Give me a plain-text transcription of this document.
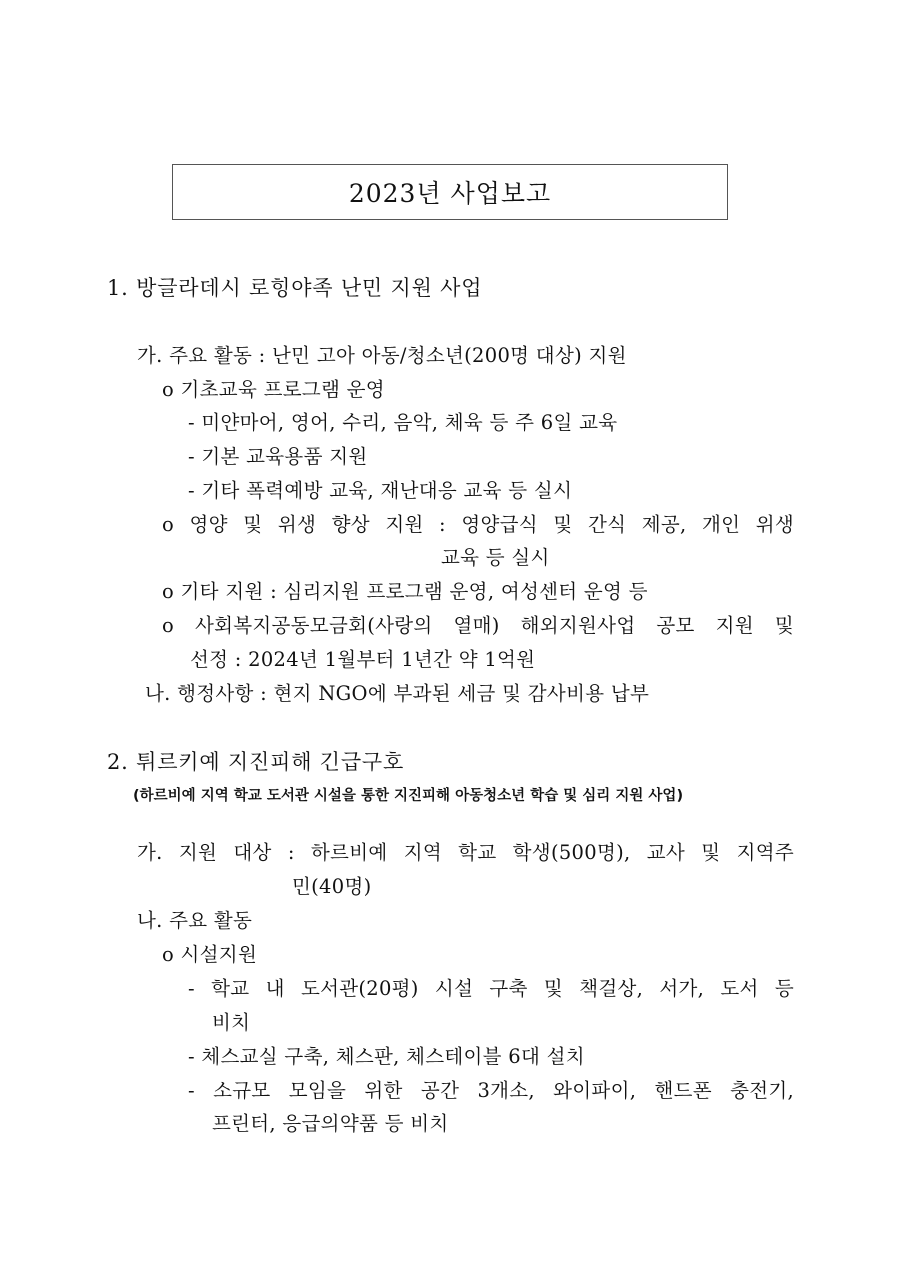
2023년 사업보고
1. 방글라데시 로힝야족 난민 지원 사업
가. 주요 활동 : 난민 고아 아동/청소년(200명 대상) 지원
o 기초교육 프로그램 운영
- 미얀마어, 영어, 수리, 음악, 체육 등 주 6일 교육
- 기본 교육용품 지원
- 기타 폭력예방 교육, 재난대응 교육 등 실시
o 영양 및 위생 향상 지원 : 영양급식 및 간식 제공, 개인 위생
교육 등 실시
o 기타 지원 : 심리지원 프로그램 운영, 여성센터 운영 등
o 사회복지공동모금회(사랑의 열매) 해외지원사업 공모 지원 및
선정 : 2024년 1월부터 1년간 약 1억원
나. 행정사항 : 현지 NGO에 부과된 세금 및 감사비용 납부
2. 튀르키예 지진피해 긴급구호
(하르비예 지역 학교 도서관 시설을 통한 지진피해 아동청소년 학습 및 심리 지원 사업)
가. 지원 대상 : 하르비예 지역 학교 학생(500명), 교사 및 지역주
민(40명)
나. 주요 활동
o 시설지원
- 학교 내 도서관(20평) 시설 구축 및 책걸상, 서가, 도서 등
비치
- 체스교실 구축, 체스판, 체스테이블 6대 설치
- 소규모 모임을 위한 공간 3개소, 와이파이, 핸드폰 충전기,
프린터, 응급의약품 등 비치
